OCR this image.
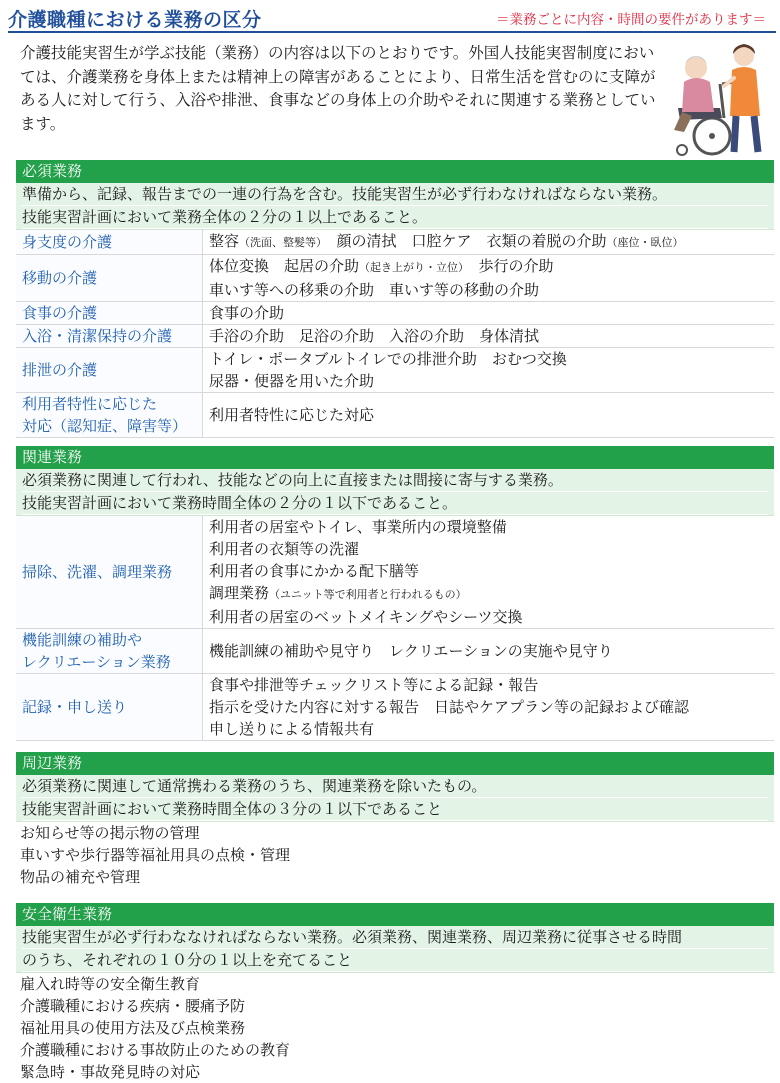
介護職種における業務の区分	＝業務ごとに内容・時間の要件があります＝
介護技能実習生が学ぶ技能（業務）の内容は以下のとおりです。外国人技能実習制度においては、介護業務を身体上または精神上の障害があることにより、日常生活を営むのに支障がある人に対して行う、入浴や排泄、食事などの身体上の介助やそれに関連する業務としています。
必須業務
準備から、記録、報告までの一連の行為を含む。技能実習生が必ず行わなければならない業務。
技能実習計画において業務全体の２分の１以上であること。
身支度の介護	整容（洗面、整髪等）　顔の清拭　口腔ケア　衣類の着脱の介助（座位・臥位）
移動の介護	体位変換　起居の介助（起き上がり・立位）　歩行の介助
車いす等への移乗の介助　車いす等の移動の介助

食事の介護	食事の介助
入浴・清潔保持の介護	手浴の介助　足浴の介助　入浴の介助　身体清拭
排泄の介護	トイレ・ポータブルトイレでの排泄介助　おむつ交換
尿器・便器を用いた介助

利用者特性に応じた
対応（認知症、障害等）	利用者特性に応じた対応
関連業務
必須業務に関連して行われ、技能などの向上に直接または間接に寄与する業務。
技能実習計画において業務時間全体の２分の１以下であること。
掃除、洗濯、調理業務	利用者の居室やトイレ、事業所内の環境整備
利用者の衣類等の洗濯
利用者の食事にかかる配下膳等
調理業務（ユニット等で利用者と行われるもの）
利用者の居室のベットメイキングやシーツ交換

機能訓練の補助や
レクリエーション業務	機能訓練の補助や見守り　レクリエーションの実施や見守り
記録・申し送り	食事や排泄等チェックリスト等による記録・報告
指示を受けた内容に対する報告　日誌やケアプラン等の記録および確認
申し送りによる情報共有
周辺業務
必須業務に関連して通常携わる業務のうち、関連業務を除いたもの。
技能実習計画において業務時間全体の３分の１以下であること
お知らせ等の掲示物の管理
車いすや歩行器等福祉用具の点検・管理
物品の補充や管理
安全衛生業務
技能実習生が必ず行わななければならない業務。必須業務、関連業務、周辺業務に従事させる時間
のうち、それぞれの１０分の１以上を充てること
雇入れ時等の安全衛生教育
介護職種における疾病・腰痛予防
福祉用具の使用方法及び点検業務
介護職種における事故防止のための教育
緊急時・事故発見時の対応
